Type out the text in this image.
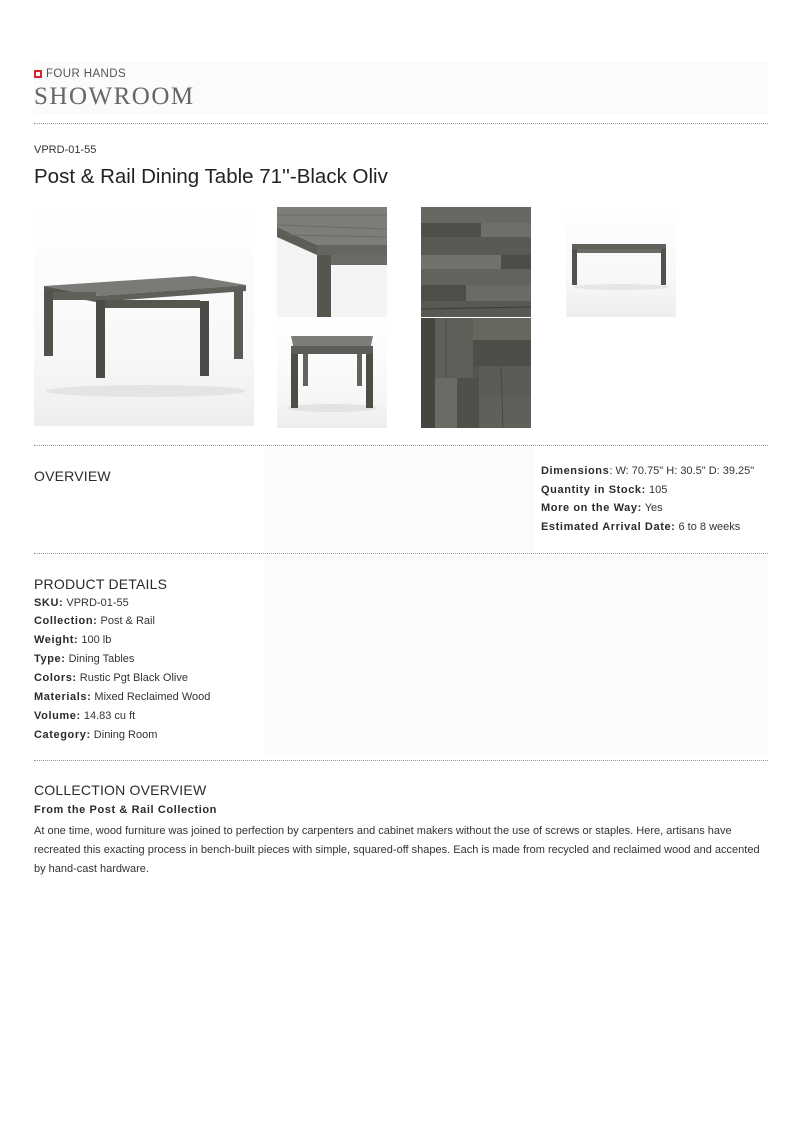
FOUR HANDS
SHOWROOM
VPRD-01-55
Post & Rail Dining Table 71''-Black Oliv
OVERVIEW	Dimensions: W: 70.75" H: 30.5" D: 39.25"
Quantity in Stock: 105
More on the Way: Yes
Estimated Arrival Date: 6 to 8 weeks
PRODUCT DETAILS
SKU: VPRD-01-55
Collection: Post & Rail
Weight: 100 lb
Type: Dining Tables
Colors: Rustic Pgt Black Olive
Materials: Mixed Reclaimed Wood
Volume: 14.83 cu ft
Category: Dining Room
COLLECTION OVERVIEW
From the Post & Rail Collection
At one time, wood furniture was joined to perfection by carpenters and cabinet makers without the use of screws or staples. Here, artisans have recreated this exacting process in bench-built pieces with simple, squared-off shapes. Each is made from recycled and reclaimed wood and accented by hand-cast hardware.
